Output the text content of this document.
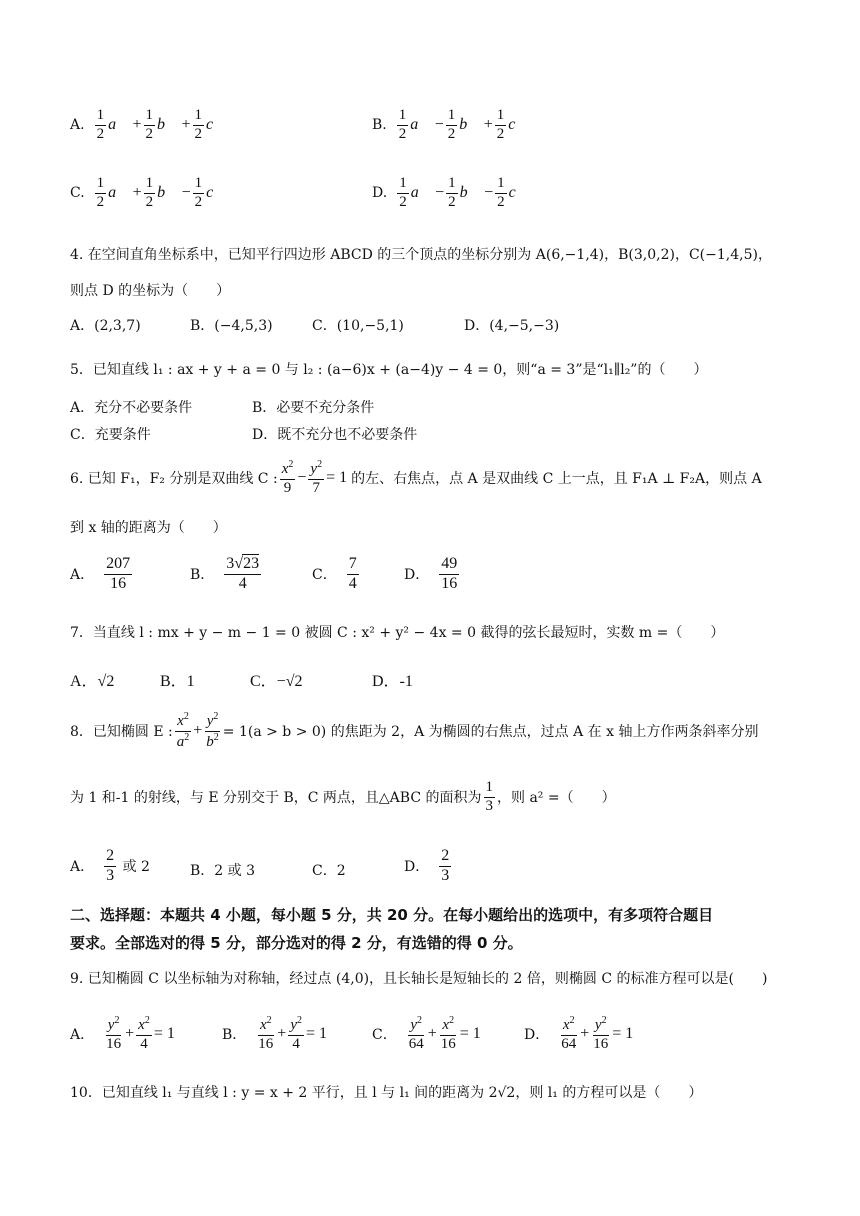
A. $\frac{1}{2}$ a⃗ + $\frac{1}{2}$ b⃗ + $\frac{1}{2}$ c⃗	B. $\frac{1}{2}$ a⃗ − $\frac{1}{2}$ b⃗ + $\frac{1}{2}$ c⃗
C. $\frac{1}{2}$ a⃗ + $\frac{1}{2}$ b⃗ − $\frac{1}{2}$ c⃗	D. $\frac{1}{2}$ a⃗ − $\frac{1}{2}$ b⃗ − $\frac{1}{2}$ c⃗
4. 在空间直角坐标系中，已知平行四边形 ABCD 的三个顶点的坐标分别为 A(6,−1,4)，B(3,0,2)，C(−1,4,5)，
则点 D 的坐标为（　　）
A．(2,3,7)	B．(−4,5,3)	C．(10,−5,1)	D．(4,−5,−3)
5．已知直线 l₁ : ax + y + a = 0 与 l₂ : (a−6)x + (a−4)y − 4 = 0，则“a = 3”是“l₁∥l₂”的（　　）
A．充分不必要条件	B．必要不充分条件
C．充要条件	D．既不充分也不必要条件
6. 已知 F₁，F₂ 分别是双曲线 C : $\frac{x^2}{9} - \frac{y^2}{7} = 1$ 的左、右焦点，点 A 是双曲线 C 上一点，且 F₁A ⊥ F₂A，则点 A
到 x 轴的距离为（　　）
A． $\frac{207}{16}$	B． $\frac{3√23}{4}$	C． $\frac{7}{4}$	D． $\frac{49}{16}$
7．当直线 l : mx + y − m − 1 = 0 被圆 C : x² + y² − 4x = 0 截得的弦长最短时，实数 m =（　　）
A．√2	B．1	C．−√2	D．-1
8．已知椭圆 E : $\frac{x^2}{a^2} + \frac{y^2}{b^2} = 1(a > b > 0)$ 的焦距为 2，A 为椭圆的右焦点，过点 A 在 x 轴上方作两条斜率分别
为 1 和-1 的射线，与 E 分别交于 B，C 两点，且△ABC 的面积为 $\frac{1}{3}$ ，则 a² =（　　）
A． $\frac{2}{3}$ 或 2	B．2 或 3	C．2	D． $\frac{2}{3}$
二、选择题：本题共 4 小题，每小题 5 分，共 20 分。在每小题给出的选项中，有多项符合题目
要求。全部选对的得 5 分，部分选对的得 2 分，有选错的得 0 分。
9. 已知椭圆 C 以坐标轴为对称轴，经过点 (4,0)，且长轴长是短轴长的 2 倍，则椭圆 C 的标准方程可以是(　　)
A． $\frac{y^2}{16} + \frac{x^2}{4} = 1$	B． $\frac{x^2}{16} + \frac{y^2}{4} = 1$	C． $\frac{y^2}{64} + \frac{x^2}{16} = 1$	D． $\frac{x^2}{64} + \frac{y^2}{16} = 1$
10．已知直线 l₁ 与直线 l : y = x + 2 平行，且 l 与 l₁ 间的距离为 2√2，则 l₁ 的方程可以是（　　）
